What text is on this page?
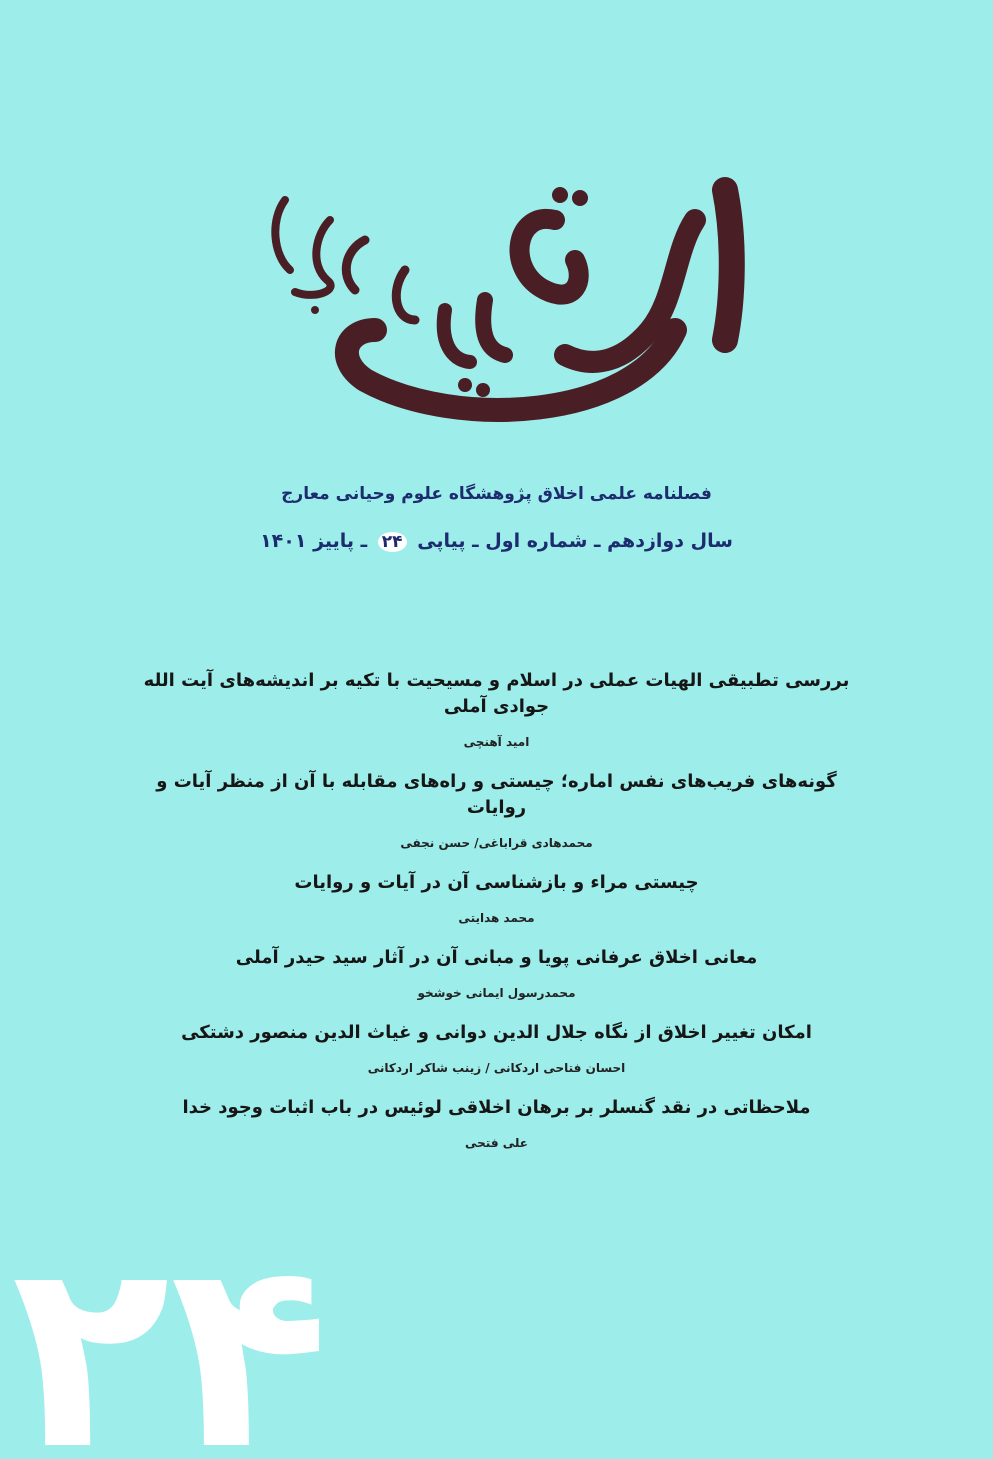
فصلنامه علمی اخلاق پژوهشگاه علوم وحیانی معارج
سال دوازدهم ـ شماره اول ـ پیاپی ۲۴ ـ پاییز ۱۴۰۱
بررسی تطبیقی الهیات عملی در اسلام و مسیحیت با تکیه بر اندیشه‌های آیت الله جوادی آملی
امید آهنچی
گونه‌های فریب‌های نفس اماره؛ چیستی و راه‌های مقابله با آن از منظر آیات و روایات
محمدهادی قراباغی/ حسن نجفی
چیستی مراء و بازشناسی آن در آیات و روایات
محمد هدایتی
معانی اخلاق عرفانی پویا و مبانی آن در آثار سید حیدر آملی
محمدرسول ایمانی خوشخو
امکان تغییر اخلاق از نگاه جلال الدین دوانی و غیاث الدین منصور دشتکی
احسان فتاحی اردکانی / زینب شاکر اردکانی
ملاحظاتی در نقد گنسلر بر برهان اخلاقی لوئیس در باب اثبات وجود خدا
علی فتحی
۲۴
